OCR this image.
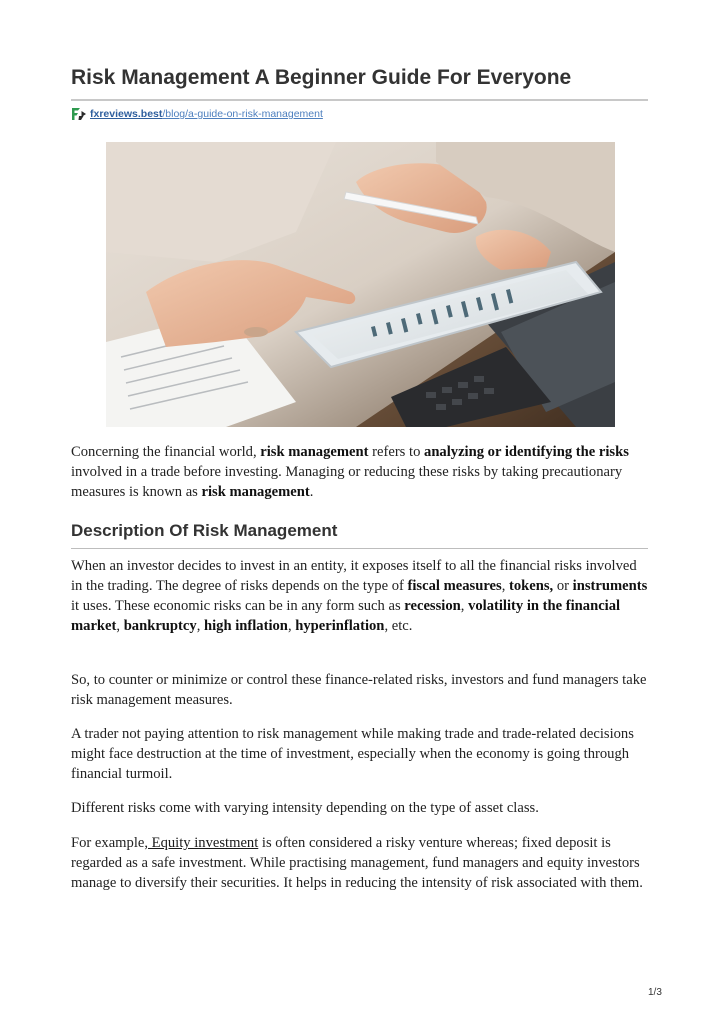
Risk Management A Beginner Guide For Everyone
fxreviews.best /blog/a-guide-on-risk-management

Concerning the financial world, risk management refers to analyzing or identifying the risks involved in a trade before investing. Managing or reducing these risks by taking precautionary measures is known as risk management.

Description Of Risk Management

When an investor decides to invest in an entity, it exposes itself to all the financial risks involved in the trading. The degree of risks depends on the type of fiscal measures, tokens, or instruments it uses. These economic risks can be in any form such as recession, volatility in the financial market, bankruptcy, high inflation, hyperinflation, etc.

So, to counter or minimize or control these finance-related risks, investors and fund managers take risk management measures.

A trader not paying attention to risk management while making trade and trade-related decisions might face destruction at the time of investment, especially when the economy is going through financial turmoil.

Different risks come with varying intensity depending on the type of asset class.

For example, Equity investment is often considered a risky venture whereas; fixed deposit is regarded as a safe investment. While practising management, fund managers and equity investors manage to diversify their securities. It helps in reducing the intensity of risk associated with them.

1/3
